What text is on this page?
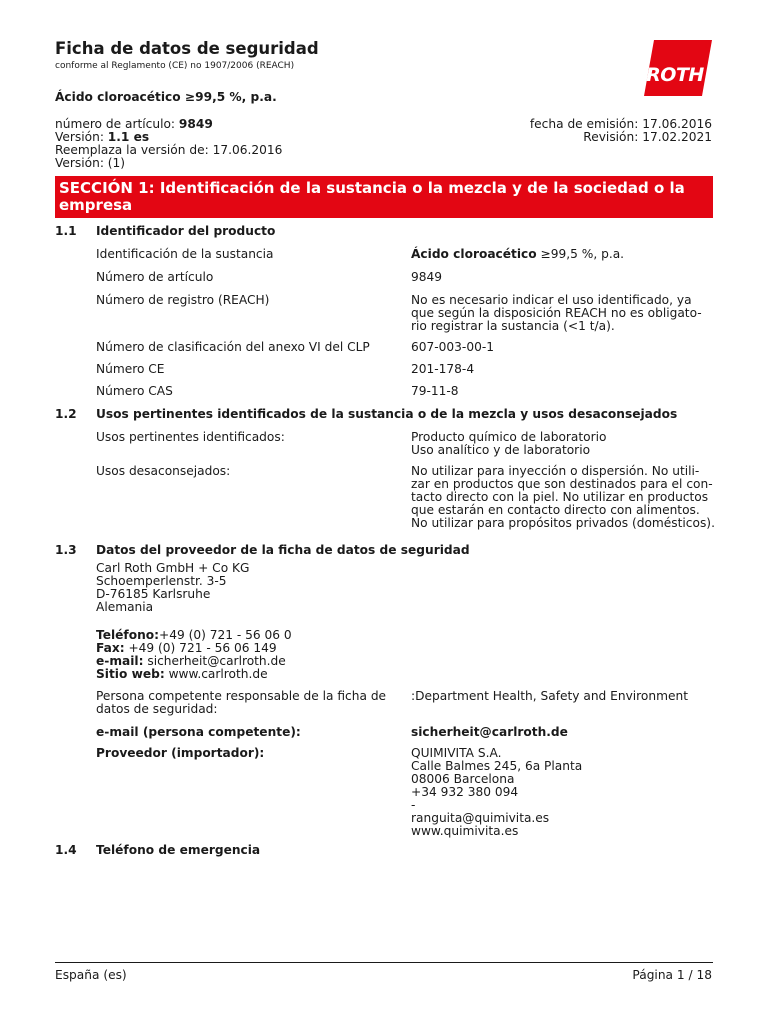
Ficha de datos de seguridad
conforme al Reglamento (CE) no 1907/2006 (REACH)	ROTH
Ácido cloroacético ≥99,5 %, p.a.
número de artículo: 9849
Versión: 1.1 es
Reemplaza la versión de: 17.06.2016
Versión: (1)
fecha de emisión: 17.06.2016
Revisión: 17.02.2021
SECCIÓN 1: Identificación de la sustancia o la mezcla y de la sociedad o la empresa
1.1 Identificador del producto
Identificación de la sustancia	Ácido cloroacético ≥99,5 %, p.a.
Número de artículo	9849
Número de registro (REACH)	No es necesario indicar el uso identificado, ya
que según la disposición REACH no es obligato-
rio registrar la sustancia (<1 t/a).
Número de clasificación del anexo VI del CLP	607-003-00-1
Número CE	201-178-4
Número CAS	79-11-8
1.2 Usos pertinentes identificados de la sustancia o de la mezcla y usos desaconsejados
Usos pertinentes identificados:	Producto químico de laboratorio
Uso analítico y de laboratorio
Usos desaconsejados:	No utilizar para inyección o dispersión. No utili-
zar en productos que son destinados para el con-
tacto directo con la piel. No utilizar en productos
que estarán en contacto directo con alimentos.
No utilizar para propósitos privados (domésticos).
1.3 Datos del proveedor de la ficha de datos de seguridad
Carl Roth GmbH + Co KG
Schoemperlenstr. 3-5
D-76185 Karlsruhe
Alemania
Teléfono:+49 (0) 721 - 56 06 0
Fax: +49 (0) 721 - 56 06 149
e-mail: sicherheit@carlroth.de
Sitio web: www.carlroth.de
Persona competente responsable de la ficha de
datos de seguridad:
:Department Health, Safety and Environment
e-mail (persona competente):	sicherheit@carlroth.de
Proveedor (importador):	QUIMIVITA S.A.
Calle Balmes 245, 6a Planta
08006 Barcelona
+34 932 380 094
-
ranguita@quimivita.es
www.quimivita.es
1.4 Teléfono de emergencia
España (es)	Página 1 / 18
